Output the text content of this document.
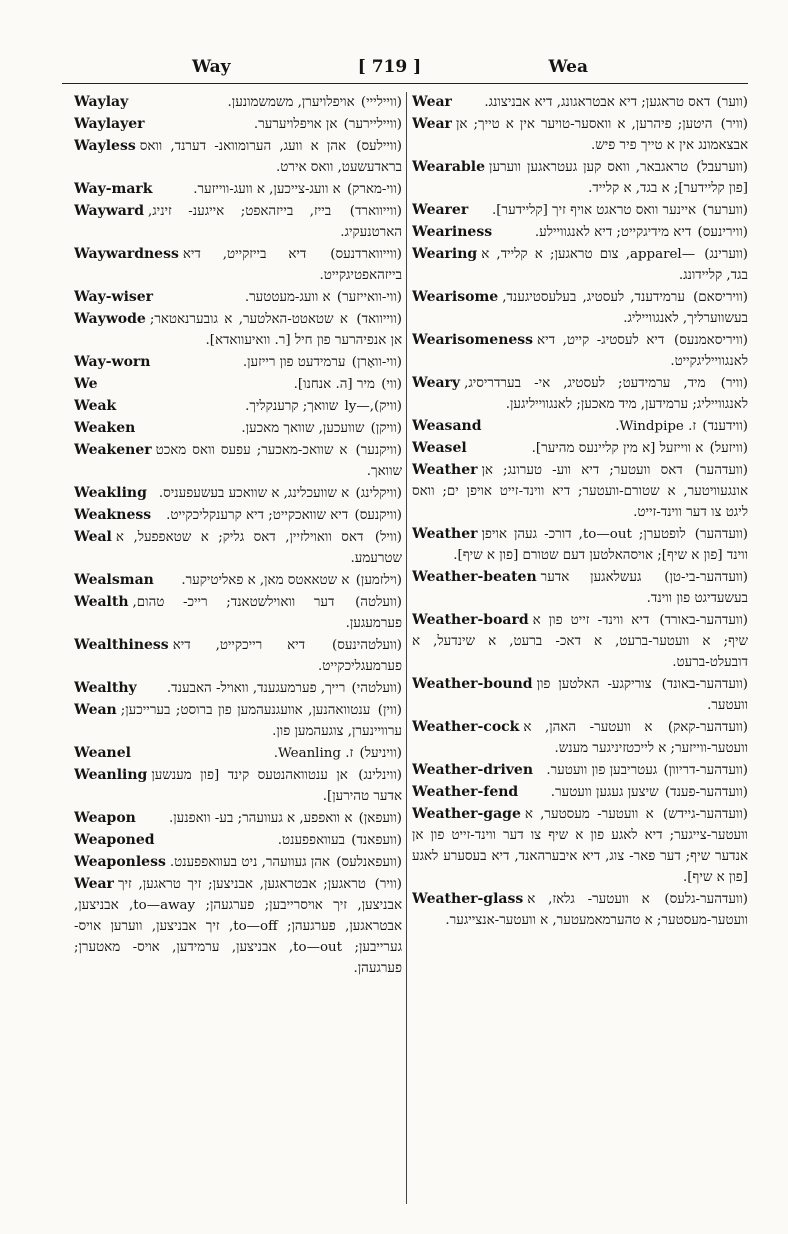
Way	[ 719 ]	Wea
Waylay	(וויילייי) אויפלויערן, משמשמונען.
Waylayer	(ווייליירער) אן אויפלויערער.
Wayless	(וויילעס) אהן א וועג, הערומוואנ- דערנד, וואס בראדעשעט, וואס אירט.
Way-mark	(ווי-מארק) א וועג-צייכען, א וועג-ווייזער.
Wayward	(ווייווארד) בייז, בייזהאפט; אייגענ- זיניג, הארטנעקיג.
Waywardness	(ווייווארדנעס) דיא בייזקייט, דיא בייזהאפטיגקייט.
Way-wiser	(ווי-וואייזער) א וועג-מעטטער.
Waywode	(ווייוואד) א שטאטט-האלטער, א גובערנאטאר; אן אנפיהרער פון חיל [ר. וואיעוואדא].
Way-worn	(ווי-וואָרן) ערמידעט פון רייזען.
We	(ווי) מיר [ה. אנחנו].
Weak	(וויק),—ly שוואך; קרענקליך.
Weaken	(וויקן) שוועכען, שוואך מאכען.
Weakener	(וויקנער) א שוואכ-מאכער; עפעס וואס מאכט שוואך.
Weakling	(וויקלינג) א שוועכלינג, א שוואכע בעשעפעניס.
Weakness	(וויקנעס) דיא שוואכקייט; דיא קרענקליכקייט.
Weal	(וויל) דאס וואוילזיין, דאס גליק; א שטאפפעל, א שטרעמע.
Wealsman	(וילזמען) א שטאאטס מאן, א פאליטיקער.
Wealth	(וועלטה) דער וואוילשטאנד; רייכ- טהום, פערמעגען.
Wealthiness	(וועלטהינעס) דיא רייכקייט, דיא פערמעגליכקייט.
Wealthy	(וועלטהי) רייך, פערמעגענד, וואויל- האבענד.
Wean	(ווין) ענטוואהנען, אוועגנעהמען פון ברוסט; בערייכען; ערוויינערן, צוגעהמען פון.
Weanel	(וויניעל) ז. Weanling.
Weanling	(ווינלינג) אן ענטוואהנטעס קינד [פון מענשען אדער טהירען].
Weapon	(וועפאן) א וואפפע, א געוועהר; בע- וואפנען.
Weaponed	(וועפאנד) בעוואפפענט.
Weaponless	(וועפאנלעס) אהן געוועהר, ניט בעוואפפענט.
Wear	(וויר) טראגען; אבטראגען, אבניצען; זיך טראגען, זיך אבניצען, זיך אויסרייבען; פערגעהן; to—away, אבניצען, אבטראגען, פערגעהן; to—off, זיך אבניצען, ווערען אויס- גערייבען; to—out, אבניצען, ערמידען, אויס- מאטערן; פערגעהן.
Wear	(ווער) דאס טראגען; דיא אבטראגונג, דיא אבניצונג.
Wear	(וויר) היטען; פיהרען, א וואסער-טויער אין א טייך; אן אבצאמונג אין א טייך פיר פיש.
Wearable	(ווערעבל) טראגבאר, וואס קען געטראגען ווערען [פון קליידער]; א בגד, א קלייד.
Wearer	(ווערער) איינער וואס טראגט אויף זיך [קליידער].
Weariness	(ווירינעס) דיא מידיגקייט; דיא לאנגוויילע.
Wearing	(ווערינג) —apparel, צום טראגען; א קלייד, א בגד, קליידונג.
Wearisome	(וויריסאם) ערמידענד, לעסטיג, בעלעסטיגענד, בעשווערליך, לאנגווייליג.
Wearisomeness	(וויריסאמנעס) דיא לעסטיג- קייט, דיא לאנגווייליגקייט.
Weary	(וויר) מיד, ערמידעט; לעסטיג, אי- בערדריסיג, לאנגווייליג; ערמידען, מיד מאכען; לאנגווייליגען.
Weasand	(ווידענד) ז. Windpipe.
Weasel	(וויזעל) א ווייזעל [א מין קליינעס מהיער].
Weather	(וועדהער) דאס וועטער; דיא ווע- טערונג; אן אונגעוויטער, א שטורם-וועטער; דיא ווינד-זייט אויפן ים; וואס ליגט צו דער ווינד-זייט.
Weather	(וועדהער) לופטערן; to—out, דורכ- געהן אויפן ווינד [פון א שיף]; אויסהאלטען דעם שטורם [פון א שיף].
Weather-beaten	(וועדהער-בי-טן) געשלאגען אדער בעשעדיגט פון ווינד.
Weather-board	(וועדהער-באורד) דיא ווינד- זייט פון א שיף; א וועטער-ברעט, א דאכ- ברעט, א שינדעל, א דובעלט-ברעט.
Weather-bound	(וועדהער-באונד) צוריקגע- האלטען פון וועטער.
Weather-cock	(וועדהער-קאק) א וועטער- האהן, א וועטער-ווייזער; א לייכטזיניגער מענש.
Weather-driven	(וועדהער-דריוון) געטריבען פון וועטער.
Weather-fend	(וועדהער-פענד) שיצען געגען וועטער.
Weather-gage	(וועדהער-גיידש) א וועטער- מעסטער, א וועטער-צייגער; דיא לאגע פון א שיף צו דער ווינד-זייט פון אן אנדער שיף; דער פאר- צוג, דיא איבערהאנד, דיא בעסערע לאגע [פון א שיף].
Weather-glass	(וועדהער-גלעס) א וועטער- גלאז, א וועטער-מעסטער; א טהערמאמעטער, א וועטער-אנצייגער.
